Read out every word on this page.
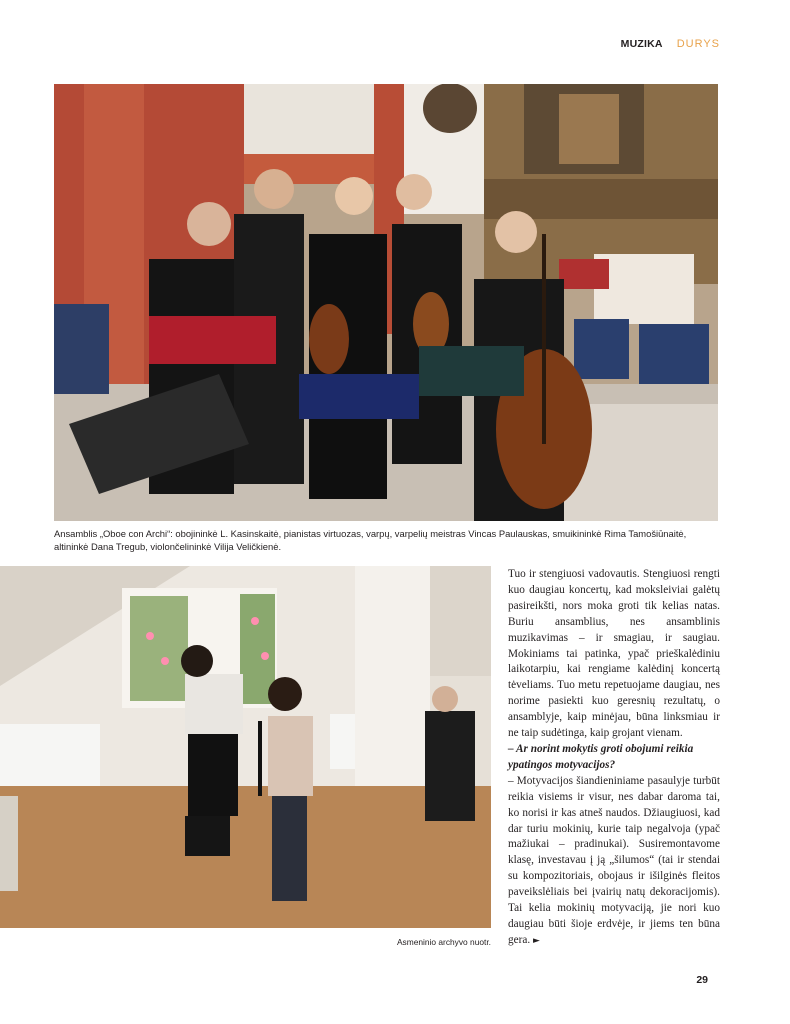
MUZIKA DURYS
Ansamblis „Oboe con Archi“: obojininkė L. Kasinskaitė, pianistas virtuozas, varpų, varpelių meistras Vincas Paulauskas, smuikininkė Rima Tamošiūnaitė, altininkė Dana Tregub, violončelininkė Vilija Veličkienė.
Asmeninio archyvo nuotr.

Tuo ir stengiuosi vadovautis. Stengiuosi rengti kuo daugiau koncertų, kad moksleiviai galėtų pasireikšti, nors moka groti tik kelias natas. Buriu ansamblius, nes ansamblinis muzikavimas – ir smagiau, ir saugiau. Mokiniams tai patinka, ypač prieškalėdiniu laikotarpiu, kai rengiame kalėdinį koncertą tėveliams. Tuo metu repetuojame daugiau, nes norime pasiekti kuo geresnių rezultatų, o ansamblyje, kaip minėjau, būna linksmiau ir ne taip sudėtinga, kaip grojant vienam.

– Ar norint mokytis groti obojumi reikia ypatingos motyvacijos?

– Motyvacijos šiandieniniame pasaulyje turbūt reikia visiems ir visur, nes dabar daroma tai, ko norisi ir kas atneš naudos. Džiaugiuosi, kad dar turiu mokinių, kurie taip negalvoja (ypač mažiukai – pradinukai). Susiremontavome klasę, investavau į ją „šilumos“ (tai ir stendai su kompozitoriais, obojaus ir išilginės fleitos paveikslėliais bei įvairių natų dekoracijomis). Tai kelia mokinių motyvaciją, jie nori kuo daugiau būti šioje erdvėje, ir jiems ten būna gera. ►

29
